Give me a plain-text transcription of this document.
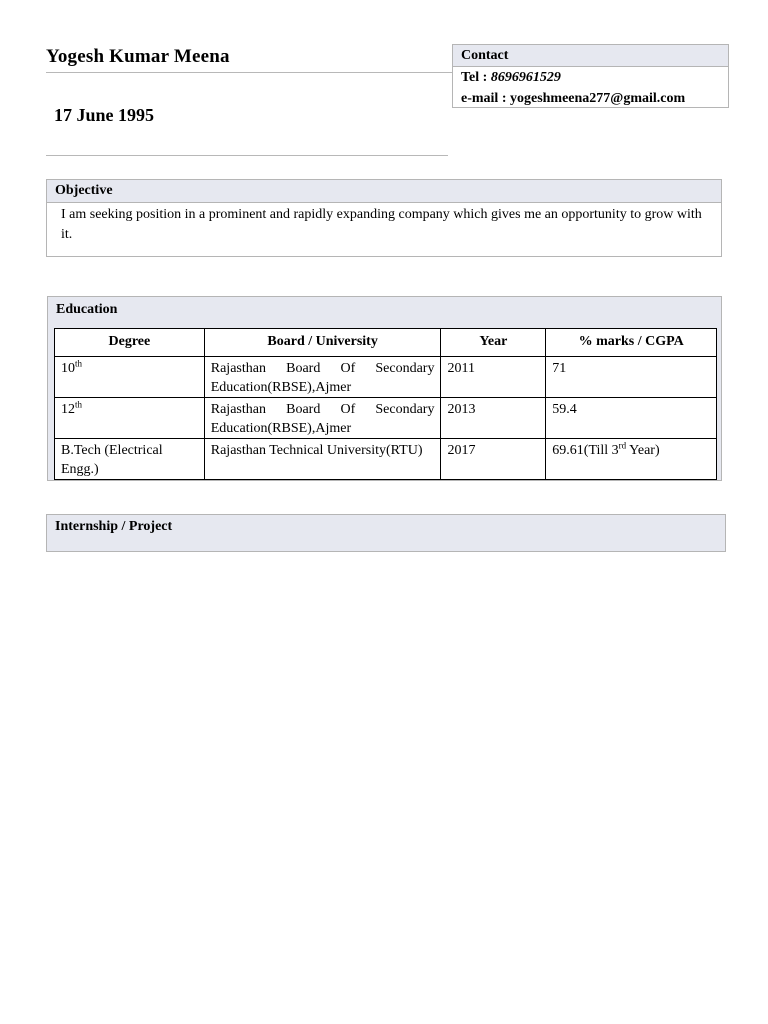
Yogesh Kumar Meena
17 June 1995
Contact
Tel : 8696961529
e-mail : yogeshmeena277@gmail.com
Objective
I am seeking position in a prominent and rapidly expanding company which gives me an opportunity to grow with it.
Education
Degree	Board / University	Year	% marks / CGPA
10th	Rajasthan Board Of Secondary Education(RBSE),Ajmer	2011	71
12th	Rajasthan Board Of Secondary Education(RBSE),Ajmer	2013	59.4
B.Tech (Electrical Engg.)	Rajasthan Technical University(RTU)	2017	69.61(Till 3rd Year)
Internship / Project
